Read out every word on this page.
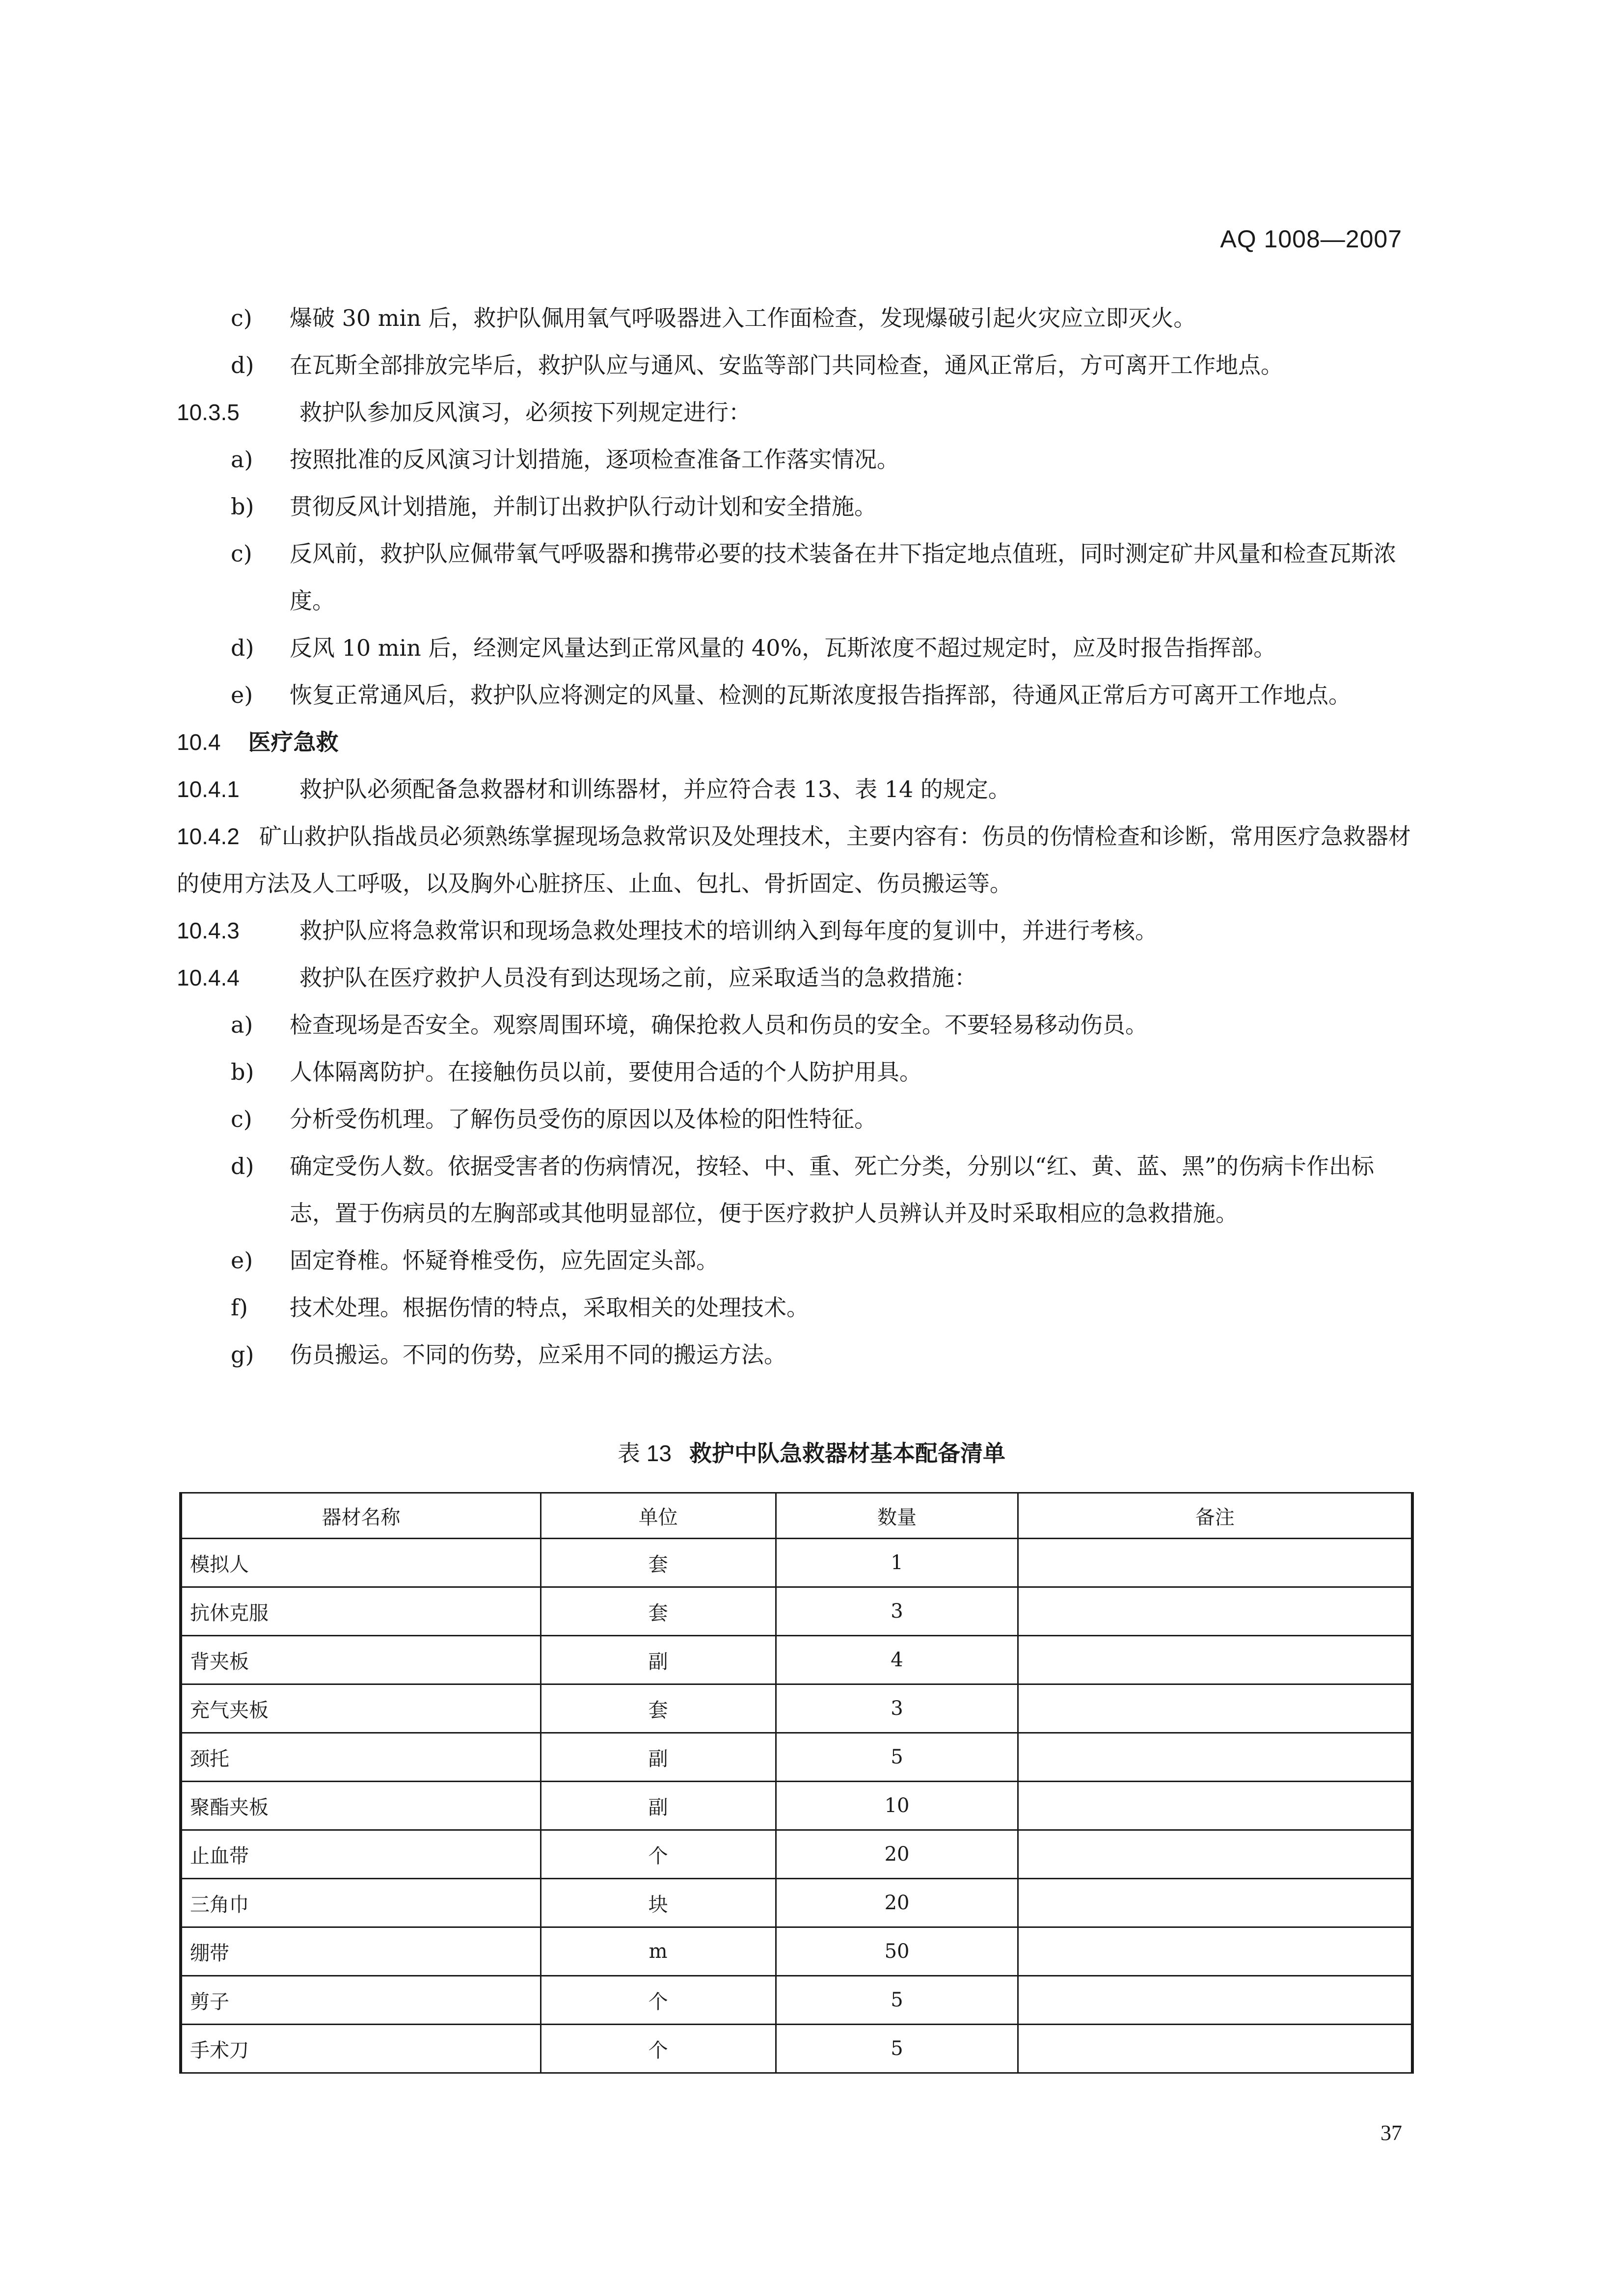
AQ 1008—2007
c) 爆破 30 min 后，救护队佩用氧气呼吸器进入工作面检查，发现爆破引起火灾应立即灭火。
d) 在瓦斯全部排放完毕后，救护队应与通风、安监等部门共同检查，通风正常后，方可离开工作地点。
10.3.5	救护队参加反风演习，必须按下列规定进行：
a) 按照批准的反风演习计划措施，逐项检查准备工作落实情况。
b) 贯彻反风计划措施，并制订出救护队行动计划和安全措施。
c) 反风前，救护队应佩带氧气呼吸器和携带必要的技术装备在井下指定地点值班，同时测定矿井风量和检查瓦斯浓度。
d) 反风 10 min 后，经测定风量达到正常风量的 40%，瓦斯浓度不超过规定时，应及时报告指挥部。
e) 恢复正常通风后，救护队应将测定的风量、检测的瓦斯浓度报告指挥部，待通风正常后方可离开工作地点。
10.4 医疗急救
10.4.1	救护队必须配备急救器材和训练器材，并应符合表 13、表 14 的规定。
10.4.2 矿山救护队指战员必须熟练掌握现场急救常识及处理技术，主要内容有：伤员的伤情检查和诊断，常用医疗急救器材的使用方法及人工呼吸，以及胸外心脏挤压、止血、包扎、骨折固定、伤员搬运等。
10.4.3	救护队应将急救常识和现场急救处理技术的培训纳入到每年度的复训中，并进行考核。
10.4.4	救护队在医疗救护人员没有到达现场之前，应采取适当的急救措施：
a) 检查现场是否安全。观察周围环境，确保抢救人员和伤员的安全。不要轻易移动伤员。
b) 人体隔离防护。在接触伤员以前，要使用合适的个人防护用具。
c) 分析受伤机理。了解伤员受伤的原因以及体检的阳性特征。
d) 确定受伤人数。依据受害者的伤病情况，按轻、中、重、死亡分类，分别以“红、黄、蓝、黑”的伤病卡作出标志，置于伤病员的左胸部或其他明显部位，便于医疗救护人员辨认并及时采取相应的急救措施。
e) 固定脊椎。怀疑脊椎受伤，应先固定头部。
f) 技术处理。根据伤情的特点，采取相关的处理技术。
g) 伤员搬运。不同的伤势，应采用不同的搬运方法。
表 13 救护中队急救器材基本配备清单
器材名称	单位	数量	备注
模拟人	套	1	
抗休克服	套	3	
背夹板	副	4	
充气夹板	套	3	
颈托	副	5	
聚酯夹板	副	10	
止血带	个	20	
三角巾	块	20	
绷带	m	50	
剪子	个	5	
手术刀	个	5	
37
